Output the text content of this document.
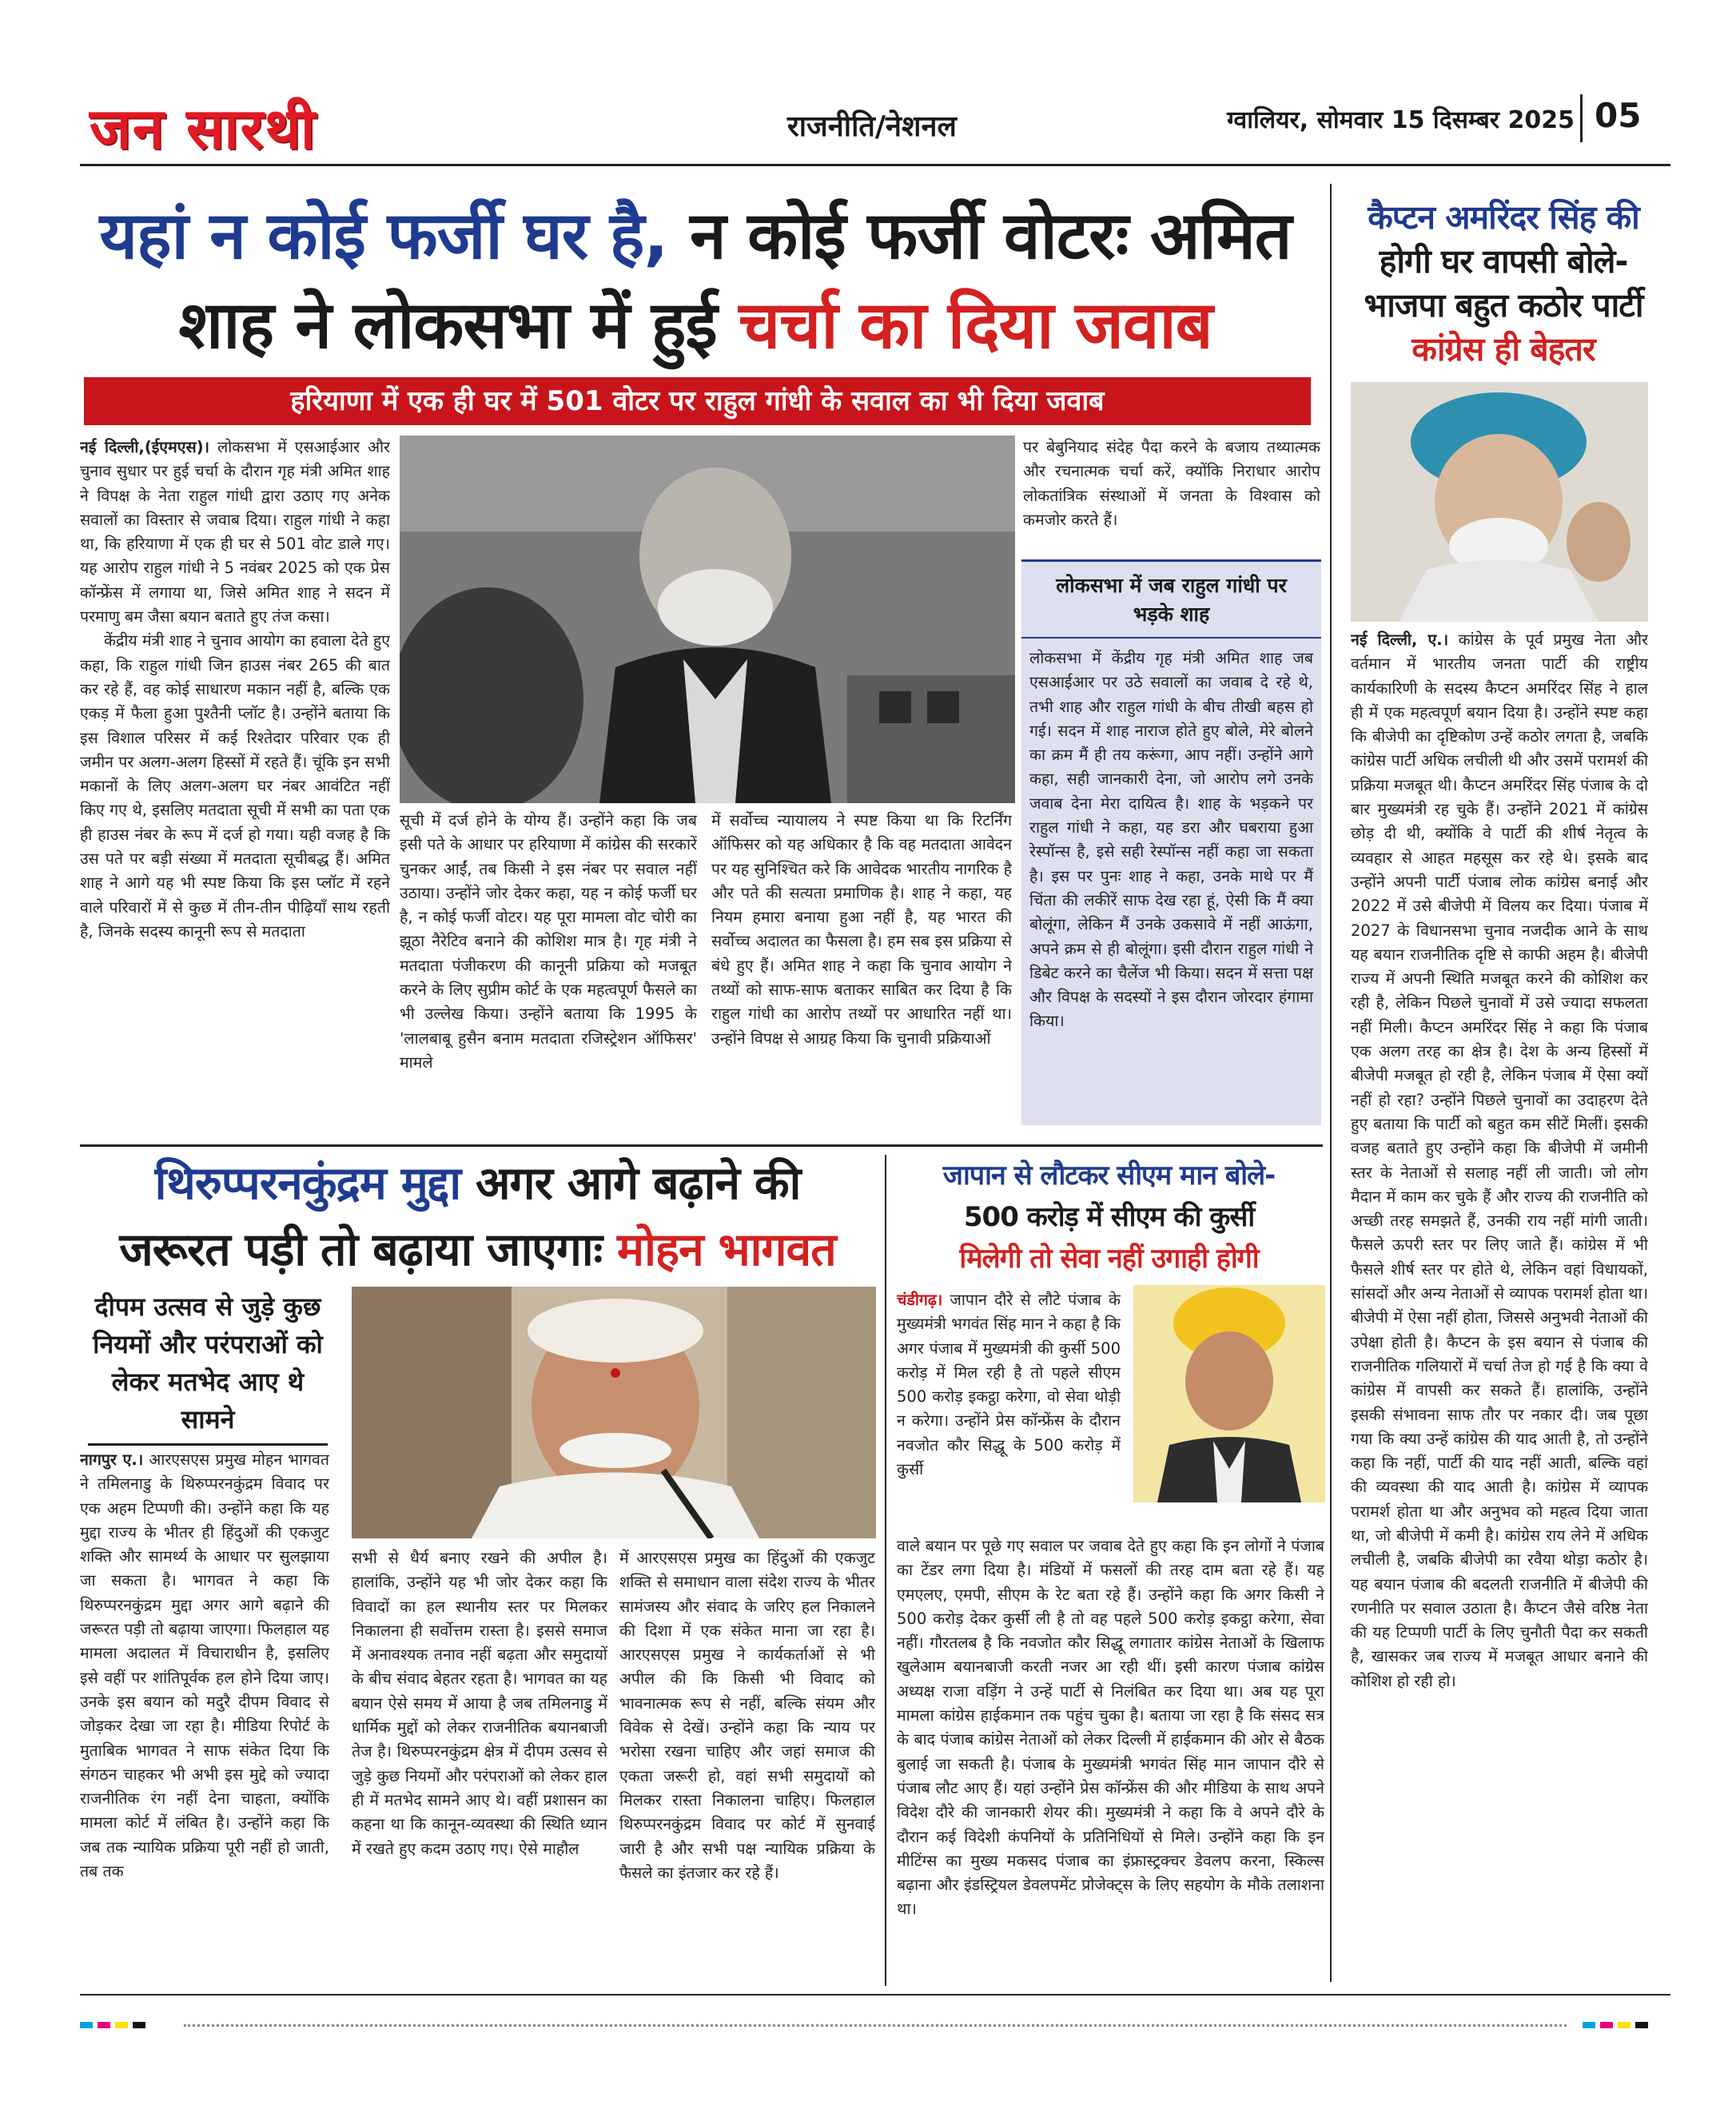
जन सारथी	राजनीति/नेशनल	ग्वालियर, सोमवार 15 दिसम्बर 2025 05
यहां न कोई फर्जी घर है, न कोई फर्जी वोटरः अमित
शाह ने लोकसभा में हुई चर्चा का दिया जवाब
हरियाणा में एक ही घर में 501 वोटर पर राहुल गांधी के सवाल का भी दिया जवाब

नई दिल्ली,(ईएमएस)। लोकसभा में एसआईआर और चुनाव सुधार पर हुई चर्चा के दौरान गृह मंत्री अमित शाह ने विपक्ष के नेता राहुल गांधी द्वारा उठाए गए अनेक सवालों का विस्तार से जवाब दिया। राहुल गांधी ने कहा था, कि हरियाणा में एक ही घर से 501 वोट डाले गए। यह आरोप राहुल गांधी ने 5 नवंबर 2025 को एक प्रेस कॉन्फ्रेंस में लगाया था, जिसे अमित शाह ने सदन में परमाणु बम जैसा बयान बताते हुए तंज कसा।

केंद्रीय मंत्री शाह ने चुनाव आयोग का हवाला देते हुए कहा, कि राहुल गांधी जिन हाउस नंबर 265 की बात कर रहे हैं, वह कोई साधारण मकान नहीं है, बल्कि एक एकड़ में फैला हुआ पुश्तैनी प्लॉट है। उन्होंने बताया कि इस विशाल परिसर में कई रिश्तेदार परिवार एक ही जमीन पर अलग-अलग हिस्सों में रहते हैं। चूंकि इन सभी मकानों के लिए अलग-अलग घर नंबर आवंटित नहीं किए गए थे, इसलिए मतदाता सूची में सभी का पता एक ही हाउस नंबर के रूप में दर्ज हो गया। यही वजह है कि उस पते पर बड़ी संख्या में मतदाता सूचीबद्ध हैं। अमित शाह ने आगे यह भी स्पष्ट किया कि इस प्लॉट में रहने वाले परिवारों में से कुछ में तीन-तीन पीढ़ियाँ साथ रहती है, जिनके सदस्य कानूनी रूप से मतदाता

सूची में दर्ज होने के योग्य हैं। उन्होंने कहा कि जब इसी पते के आधार पर हरियाणा में कांग्रेस की सरकारें चुनकर आईं, तब किसी ने इस नंबर पर सवाल नहीं उठाया। उन्होंने जोर देकर कहा, यह न कोई फर्जी घर है, न कोई फर्जी वोटर। यह पूरा मामला वोट चोरी का झूठा नैरेटिव बनाने की कोशिश मात्र है। गृह मंत्री ने मतदाता पंजीकरण की कानूनी प्रक्रिया को मजबूत करने के लिए सुप्रीम कोर्ट के एक महत्वपूर्ण फैसले का भी उल्लेख किया। उन्होंने बताया कि 1995 के 'लालबाबू हुसैन बनाम मतदाता रजिस्ट्रेशन ऑफिसर' मामले
पर बेबुनियाद संदेह पैदा करने के बजाय तथ्यात्मक और रचनात्मक चर्चा करें, क्योंकि निराधार आरोप लोकतांत्रिक संस्थाओं में जनता के विश्वास को कमजोर करते हैं।
में सर्वोच्च न्यायालय ने स्पष्ट किया था कि रिटर्निंग ऑफिसर को यह अधिकार है कि वह मतदाता आवेदन पर यह सुनिश्चित करे कि आवेदक भारतीय नागरिक है और पते की सत्यता प्रमाणिक है। शाह ने कहा, यह नियम हमारा बनाया हुआ नहीं है, यह भारत की सर्वोच्च अदालत का फैसला है। हम सब इस प्रक्रिया से बंधे हुए हैं। अमित शाह ने कहा कि चुनाव आयोग ने तथ्यों को साफ-साफ बताकर साबित कर दिया है कि राहुल गांधी का आरोप तथ्यों पर आधारित नहीं था। उन्होंने विपक्ष से आग्रह किया कि चुनावी प्रक्रियाओं
लोकसभा में जब राहुल गांधी पर भड़के शाह
लोकसभा में केंद्रीय गृह मंत्री अमित शाह जब एसआईआर पर उठे सवालों का जवाब दे रहे थे, तभी शाह और राहुल गांधी के बीच तीखी बहस हो गई। सदन में शाह नाराज होते हुए बोले, मेरे बोलने का क्रम मैं ही तय करूंगा, आप नहीं। उन्होंने आगे कहा, सही जानकारी देना, जो आरोप लगे उनके जवाब देना मेरा दायित्व है। शाह के भड़कने पर राहुल गांधी ने कहा, यह डरा और घबराया हुआ रेस्पॉन्स है, इसे सही रेस्पॉन्स नहीं कहा जा सकता है। इस पर पुनः शाह ने कहा, उनके माथे पर मैं चिंता की लकीरें साफ देख रहा हूं, ऐसी कि मैं क्या बोलूंगा, लेकिन मैं उनके उकसावे में नहीं आऊंगा, अपने क्रम से ही बोलूंगा। इसी दौरान राहुल गांधी ने डिबेट करने का चैलेंज भी किया। सदन में सत्ता पक्ष और विपक्ष के सदस्यों ने इस दौरान जोरदार हंगामा किया।
कैप्टन अमरिंदर सिंह की
होगी घर वापसी बोले- भाजपा बहुत कठोर पार्टी
कांग्रेस ही बेहतर
नई दिल्ली, ए.। कांग्रेस के पूर्व प्रमुख नेता और वर्तमान में भारतीय जनता पार्टी की राष्ट्रीय कार्यकारिणी के सदस्य कैप्टन अमरिंदर सिंह ने हाल ही में एक महत्वपूर्ण बयान दिया है। उन्होंने स्पष्ट कहा कि बीजेपी का दृष्टिकोण उन्हें कठोर लगता है, जबकि कांग्रेस पार्टी अधिक लचीली थी और उसमें परामर्श की प्रक्रिया मजबूत थी। कैप्टन अमरिंदर सिंह पंजाब के दो बार मुख्यमंत्री रह चुके हैं। उन्होंने 2021 में कांग्रेस छोड़ दी थी, क्योंकि वे पार्टी की शीर्ष नेतृत्व के व्यवहार से आहत महसूस कर रहे थे। इसके बाद उन्होंने अपनी पार्टी पंजाब लोक कांग्रेस बनाई और 2022 में उसे बीजेपी में विलय कर दिया। पंजाब में 2027 के विधानसभा चुनाव नजदीक आने के साथ यह बयान राजनीतिक दृष्टि से काफी अहम है। बीजेपी राज्य में अपनी स्थिति मजबूत करने की कोशिश कर रही है, लेकिन पिछले चुनावों में उसे ज्यादा सफलता नहीं मिली। कैप्टन अमरिंदर सिंह ने कहा कि पंजाब एक अलग तरह का क्षेत्र है। देश के अन्य हिस्सों में बीजेपी मजबूत हो रही है, लेकिन पंजाब में ऐसा क्यों नहीं हो रहा? उन्होंने पिछले चुनावों का उदाहरण देते हुए बताया कि पार्टी को बहुत कम सीटें मिलीं। इसकी वजह बताते हुए उन्होंने कहा कि बीजेपी में जमीनी स्तर के नेताओं से सलाह नहीं ली जाती। जो लोग मैदान में काम कर चुके हैं और राज्य की राजनीति को अच्छी तरह समझते हैं, उनकी राय नहीं मांगी जाती। फैसले ऊपरी स्तर पर लिए जाते हैं। कांग्रेस में भी फैसले शीर्ष स्तर पर होते थे, लेकिन वहां विधायकों, सांसदों और अन्य नेताओं से व्यापक परामर्श होता था। बीजेपी में ऐसा नहीं होता, जिससे अनुभवी नेताओं की उपेक्षा होती है। कैप्टन के इस बयान से पंजाब की राजनीतिक गलियारों में चर्चा तेज हो गई है कि क्या वे कांग्रेस में वापसी कर सकते हैं। हालांकि, उन्होंने इसकी संभावना साफ तौर पर नकार दी। जब पूछा गया कि क्या उन्हें कांग्रेस की याद आती है, तो उन्होंने कहा कि नहीं, पार्टी की याद नहीं आती, बल्कि वहां की व्यवस्था की याद आती है। कांग्रेस में व्यापक परामर्श होता था और अनुभव को महत्व दिया जाता था, जो बीजेपी में कमी है। कांग्रेस राय लेने में अधिक लचीली है, जबकि बीजेपी का रवैया थोड़ा कठोर है। यह बयान पंजाब की बदलती राजनीति में बीजेपी की रणनीति पर सवाल उठाता है। कैप्टन जैसे वरिष्ठ नेता की यह टिप्पणी पार्टी के लिए चुनौती पैदा कर सकती है, खासकर जब राज्य में मजबूत आधार बनाने की कोशिश हो रही हो।
थिरुप्परनकुंद्रम मुद्दा अगर आगे बढ़ाने की
जरूरत पड़ी तो बढ़ाया जाएगाः मोहन भागवत
दीपम उत्सव से जुड़े कुछ नियमों और परंपराओं को लेकर मतभेद आए थे सामने
नागपुर ए.। आरएसएस प्रमुख मोहन भागवत ने तमिलनाडु के थिरुप्परनकुंद्रम विवाद पर एक अहम टिप्पणी की। उन्होंने कहा कि यह मुद्दा राज्य के भीतर ही हिंदुओं की एकजुट शक्ति और सामर्थ्य के आधार पर सुलझाया जा सकता है। भागवत ने कहा कि थिरुप्परनकुंद्रम मुद्दा अगर आगे बढ़ाने की जरूरत पड़ी तो बढ़ाया जाएगा। फिलहाल यह मामला अदालत में विचाराधीन है, इसलिए इसे वहीं पर शांतिपूर्वक हल होने दिया जाए। उनके इस बयान को मदुरै दीपम विवाद से जोड़कर देखा जा रहा है। मीडिया रिपोर्ट के मुताबिक भागवत ने साफ संकेत दिया कि संगठन चाहकर भी अभी इस मुद्दे को ज्यादा राजनीतिक रंग नहीं देना चाहता, क्योंकि मामला कोर्ट में लंबित है। उन्होंने कहा कि जब तक न्यायिक प्रक्रिया पूरी नहीं हो जाती, तब तक
सभी से धैर्य बनाए रखने की अपील है। हालांकि, उन्होंने यह भी जोर देकर कहा कि विवादों का हल स्थानीय स्तर पर मिलकर निकालना ही सर्वोत्तम रास्ता है। इससे समाज में अनावश्यक तनाव नहीं बढ़ता और समुदायों के बीच संवाद बेहतर रहता है। भागवत का यह बयान ऐसे समय में आया है जब तमिलनाडु में धार्मिक मुद्दों को लेकर राजनीतिक बयानबाजी तेज है। थिरुप्परनकुंद्रम क्षेत्र में दीपम उत्सव से जुड़े कुछ नियमों और परंपराओं को लेकर हाल ही में मतभेद सामने आए थे। वहीं प्रशासन का कहना था कि कानून-व्यवस्था की स्थिति ध्यान में रखते हुए कदम उठाए गए। ऐसे माहौल
में आरएसएस प्रमुख का हिंदुओं की एकजुट शक्ति से समाधान वाला संदेश राज्य के भीतर सामंजस्य और संवाद के जरिए हल निकालने की दिशा में एक संकेत माना जा रहा है। आरएसएस प्रमुख ने कार्यकर्ताओं से भी अपील की कि किसी भी विवाद को भावनात्मक रूप से नहीं, बल्कि संयम और विवेक से देखें। उन्होंने कहा कि न्याय पर भरोसा रखना चाहिए और जहां समाज की एकता जरूरी हो, वहां सभी समुदायों को मिलकर रास्ता निकालना चाहिए। फिलहाल थिरुप्परनकुंद्रम विवाद पर कोर्ट में सुनवाई जारी है और सभी पक्ष न्यायिक प्रक्रिया के फैसले का इंतजार कर रहे हैं।
जापान से लौटकर सीएम मान बोले-
500 करोड़ में सीएम की कुर्सी
मिलेगी तो सेवा नहीं उगाही होगी
चंडीगढ़। जापान दौरे से लौटे पंजाब के मुख्यमंत्री भगवंत सिंह मान ने कहा है कि अगर पंजाब में मुख्यमंत्री की कुर्सी 500 करोड़ में मिल रही है तो पहले सीएम 500 करोड़ इकट्ठा करेगा, वो सेवा थोड़ी न करेगा। उन्होंने प्रेस कॉन्फ्रेंस के दौरान नवजोत कौर सिद्धू के 500 करोड़ में कुर्सी
वाले बयान पर पूछे गए सवाल पर जवाब देते हुए कहा कि इन लोगों ने पंजाब का टेंडर लगा दिया है। मंडियों में फसलों की तरह दाम बता रहे हैं। यह एमएलए, एमपी, सीएम के रेट बता रहे हैं। उन्होंने कहा कि अगर किसी ने 500 करोड़ देकर कुर्सी ली है तो वह पहले 500 करोड़ इकट्ठा करेगा, सेवा नहीं। गौरतलब है कि नवजोत कौर सिद्धू लगातार कांग्रेस नेताओं के खिलाफ खुलेआम बयानबाजी करती नजर आ रही थीं। इसी कारण पंजाब कांग्रेस अध्यक्ष राजा वड़िंग ने उन्हें पार्टी से निलंबित कर दिया था। अब यह पूरा मामला कांग्रेस हाईकमान तक पहुंच चुका है। बताया जा रहा है कि संसद सत्र के बाद पंजाब कांग्रेस नेताओं को लेकर दिल्ली में हाईकमान की ओर से बैठक बुलाई जा सकती है। पंजाब के मुख्यमंत्री भगवंत सिंह मान जापान दौरे से पंजाब लौट आए हैं। यहां उन्होंने प्रेस कॉन्फ्रेंस की और मीडिया के साथ अपने विदेश दौरे की जानकारी शेयर की। मुख्यमंत्री ने कहा कि वे अपने दौरे के दौरान कई विदेशी कंपनियों के प्रतिनिधियों से मिले। उन्होंने कहा कि इन मीटिंग्स का मुख्य मकसद पंजाब का इंफ्रास्ट्रक्चर डेवलप करना, स्किल्स बढ़ाना और इंडस्ट्रियल डेवलपमेंट प्रोजेक्ट्स के लिए सहयोग के मौके तलाशना था।
